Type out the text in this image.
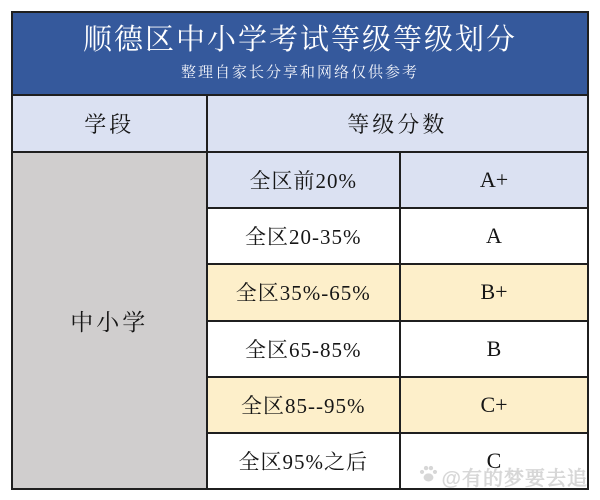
顺德区中小学考试等级等级划分
整理自家长分享和网络仅供参考
学段	等级分数
中小学
全区前20%	A+
全区20-35%	A
全区35%-65%	B+
全区65-85%	B
全区85--95%	C+
全区95%之后	C
@有的梦要去追
